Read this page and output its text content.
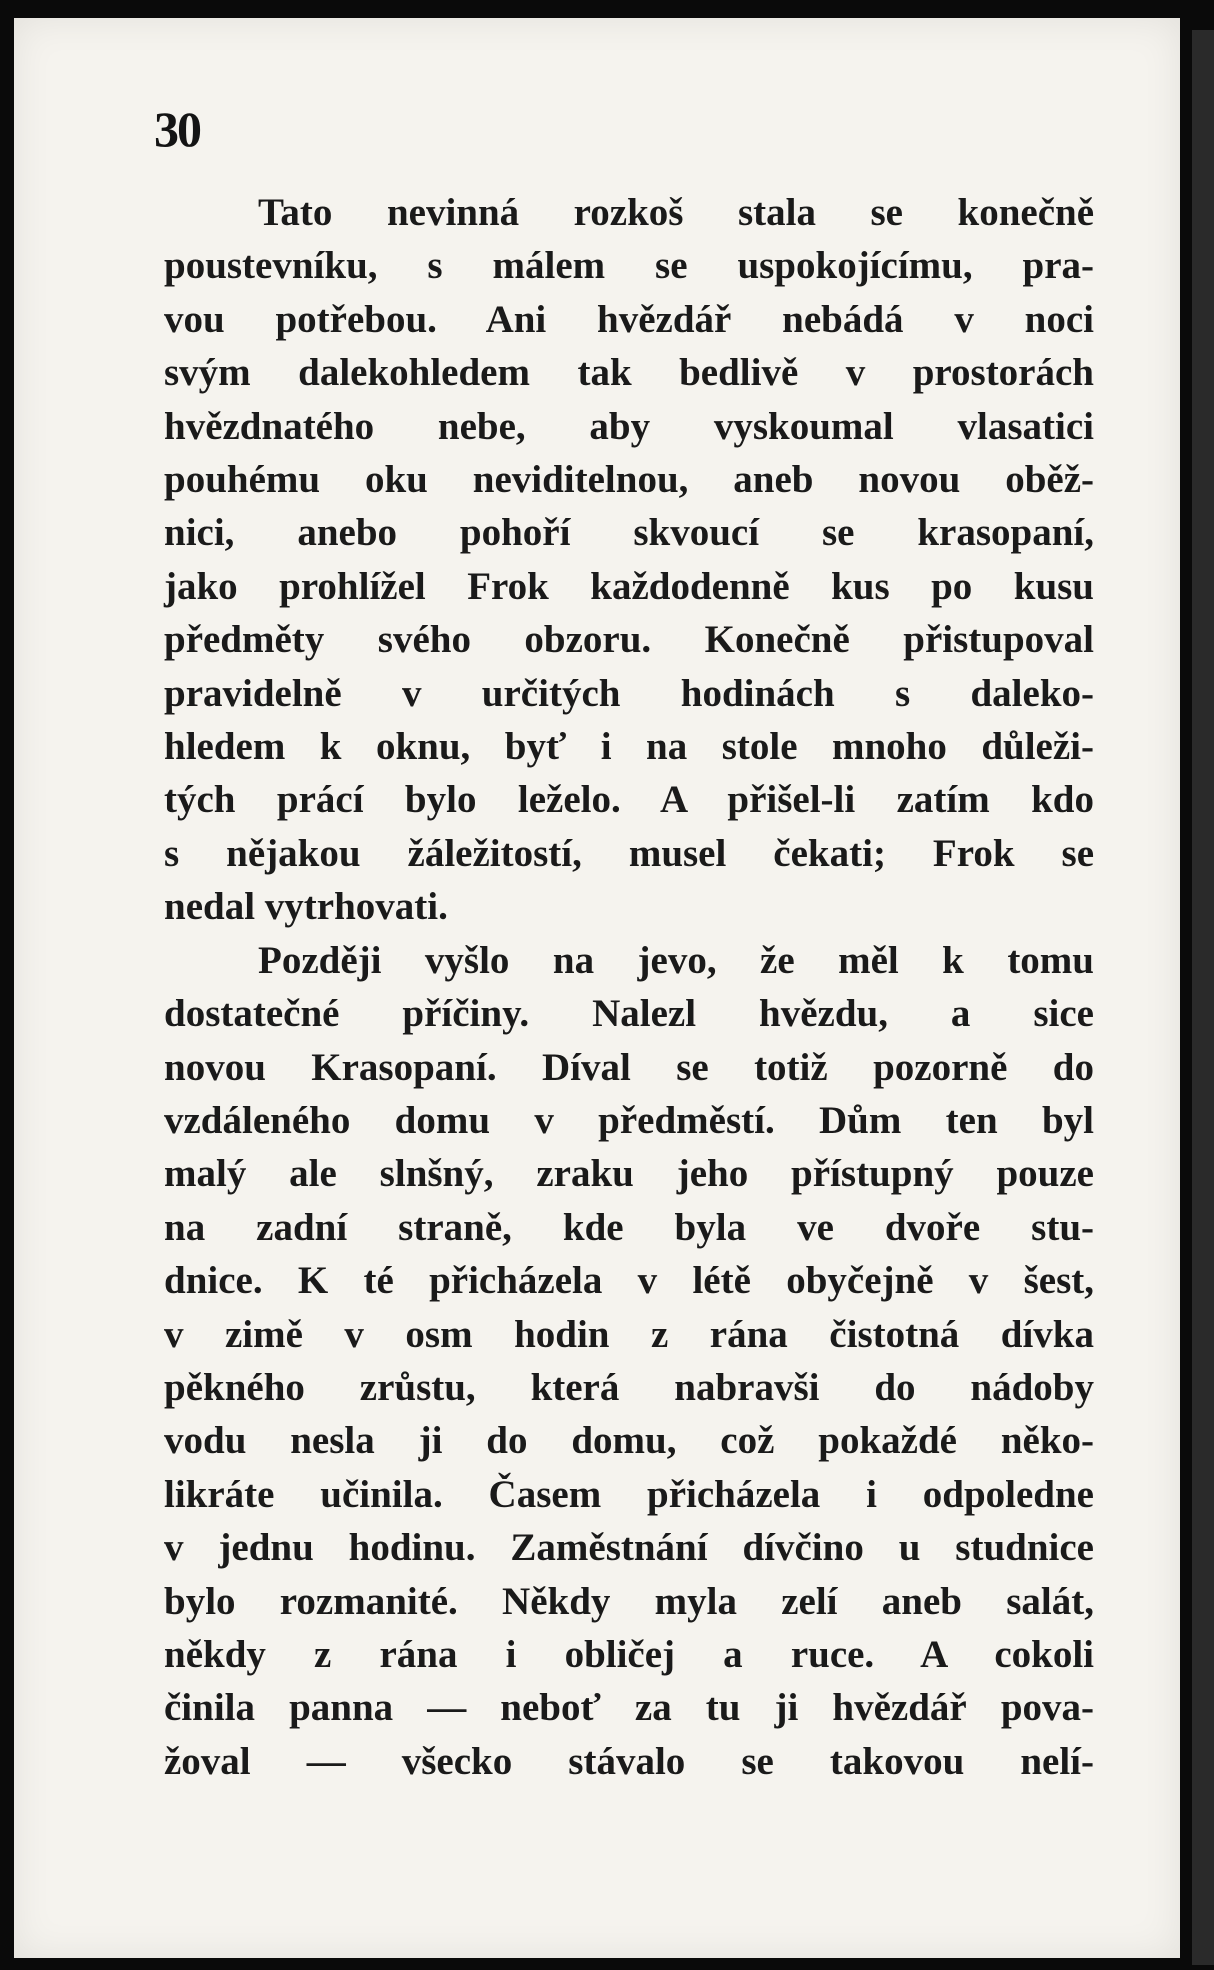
30
Tato nevinná rozkoš stala se konečně
poustevníku, s málem se uspokojícímu, pra-
vou potřebou. Ani hvězdář nebádá v noci
svým dalekohledem tak bedlivě v prostorách
hvězdnatého nebe, aby vyskoumal vlasatici
pouhému oku neviditelnou, aneb novou oběž-
nici, anebo pohoří skvoucí se krasopaní,
jako prohlížel Frok každodenně kus po kusu
předměty svého obzoru. Konečně přistupoval
pravidelně v určitých hodinách s daleko-
hledem k oknu, byť i na stole mnoho důleži-
tých prácí bylo leželo. A přišel-li zatím kdo
s nějakou žáležitostí, musel čekati; Frok se
nedal vytrhovati.
Později vyšlo na jevo, že měl k tomu
dostatečné příčiny. Nalezl hvězdu, a sice
novou Krasopaní. Díval se totiž pozorně do
vzdáleného domu v předměstí. Dům ten byl
malý ale slnšný, zraku jeho přístupný pouze
na zadní straně, kde byla ve dvoře stu-
dnice. K té přicházela v létě obyčejně v šest,
v zimě v osm hodin z rána čistotná dívka
pěkného zrůstu, která nabravši do nádoby
vodu nesla ji do domu, což pokaždé něko-
likráte učinila. Časem přicházela i odpoledne
v jednu hodinu. Zaměstnání dívčino u studnice
bylo rozmanité. Někdy myla zelí aneb salát,
někdy z rána i obličej a ruce. A cokoli
činila panna — neboť za tu ji hvězdář pova-
žoval — všecko stávalo se takovou nelí-
